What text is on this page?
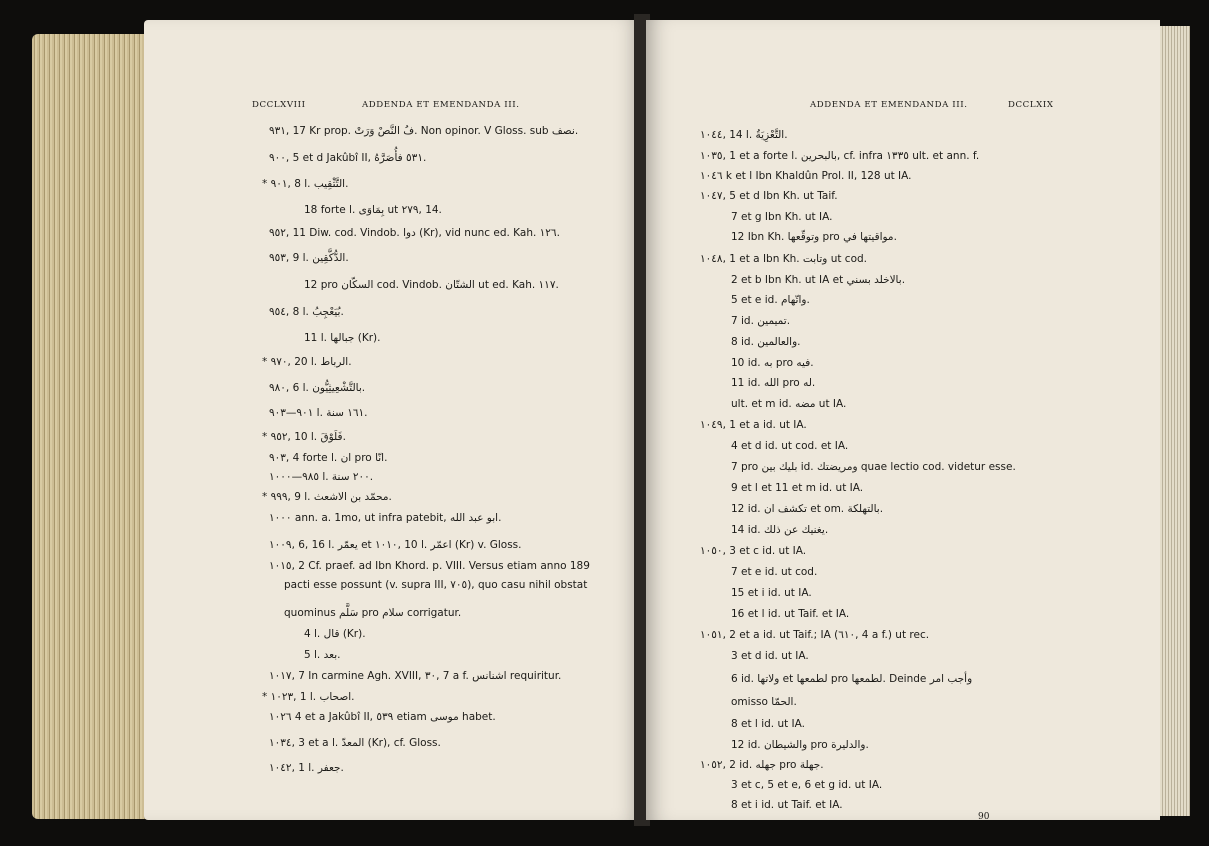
DCCLXVIII	ADDENDA ET EMENDANDA III.
٩٣١, 17 Kr prop. فُ النَّصْ وَرَتْ. Non opinor. V Gloss. sub نصف.
٩٠٠, 5 et d Jakûbî II, ٥٣١ فأُصَرَّهُ.
* ٩٠١, 8 l. التَّثْقِيب.
18 forte l. بِمَاوَى ut ٢٧٩, 14.
٩٥٢, 11 Diw. cod. Vindob. دوا (Kr), vid nunc ed. Kah. ١٢٦.
٩٥٣, 9 l. الدُّكَّقِين.
12 pro السكّان cod. Vindob. الشتّان ut ed. Kah. ١١٧.
٩٥٤, 8 l. بُيَعْجِبُ.
11 l. جبالها (Kr).
* ٩٧٠, 20 l. الرباط.
٩٨٠, 6 l. بالتَّشْعِيثِيُّون.
٩٠١—٩٠٣ l. ١٦١ سنة.
* ٩٥٢, 10 l. فَلَوْقَ.
٩٠٣, 4 forte l. ان pro انّا.
٩٨٥—١٠٠٠ l. ٢٠٠ سنة.
* ٩٩٩, 9 l. محمّد بن الاشعث.
١٠٠٠ ann. a. 1mo, ut infra patebit, ابو عبد الله.
١٠٠٩, 6, 16 l. يعمّر et ١٠١٠, 10 l. اعمّر (Kr) v. Gloss.
١٠١٥, 2 Cf. praef. ad Ibn Khord. p. VIII. Versus etiam anno 189
pacti esse possunt (v. supra III, ٧٠٥), quo casu nihil obstat
quominus سَلَّم pro سلام corrigatur.
4 l. قال (Kr).
5 l. بعد.
١٠١٧, 7 In carmine Agh. XVIII, ٣٠, 7 a f. اشنانس requiritur.
* ١٠٢٣, 1 l. اصحاب.
١٠٢٦ 4 et a Jakûbî II, ٥٣٩ etiam موسى habet.
١٠٣٤, 3 et a l. المعدّ (Kr), cf. Gloss.
١٠٤٢, 1 l. جعفر.
ADDENDA ET EMENDANDA III.	DCCLXIX
١٠٤٤, 14 l. التَّعْزِيَةُ.
١٠٣٥, 1 et a forte l. بالبحرين, cf. infra ١٣٣٥ ult. et ann. f.
١٠٤٦ k et l Ibn Khaldûn Prol. II, 128 ut IA.
١٠٤٧, 5 et d Ibn Kh. ut Taif.
7 et g Ibn Kh. ut IA.
12 Ibn Kh. وتوقّعها pro مواقيتها في.
١٠٤٨, 1 et a Ibn Kh. وتابت ut cod.
2 et b Ibn Kh. ut IA et بالاخلد بسني.
5 et e id. واتّهام.
7 id. تميمين.
8 id. والعالمين.
10 id. به pro فيه.
11 id. الله pro له.
ult. et m id. مضه ut IA.
١٠٤٩, 1 et a id. ut IA.
4 et d id. ut cod. et IA.
7 pro بليك بين id. ومريضتك quae lectio cod. videtur esse.
9 et l et 11 et m id. ut IA.
12 id. تكشف ان et om. بالتهلكة.
14 id. يغنيك عن ذلك.
١٠٥٠, 3 et c id. ut IA.
7 et e id. ut cod.
15 et i id. ut IA.
16 et l id. ut Taif. et IA.
١٠٥١, 2 et a id. ut Taif.; IA (٦١٠, 4 a f.) ut rec.
3 et d id. ut IA.
6 id. ولاتها et لطمعها pro لطمعها. Deinde وأجب امر
omisso الحمّا.
8 et l id. ut IA.
12 id. والشيطان pro والدليرة.
١٠٥٢, 2 id. جهله pro جهلة.
3 et c, 5 et e, 6 et g id. ut IA.
8 et i id. ut Taif. et IA.
90
